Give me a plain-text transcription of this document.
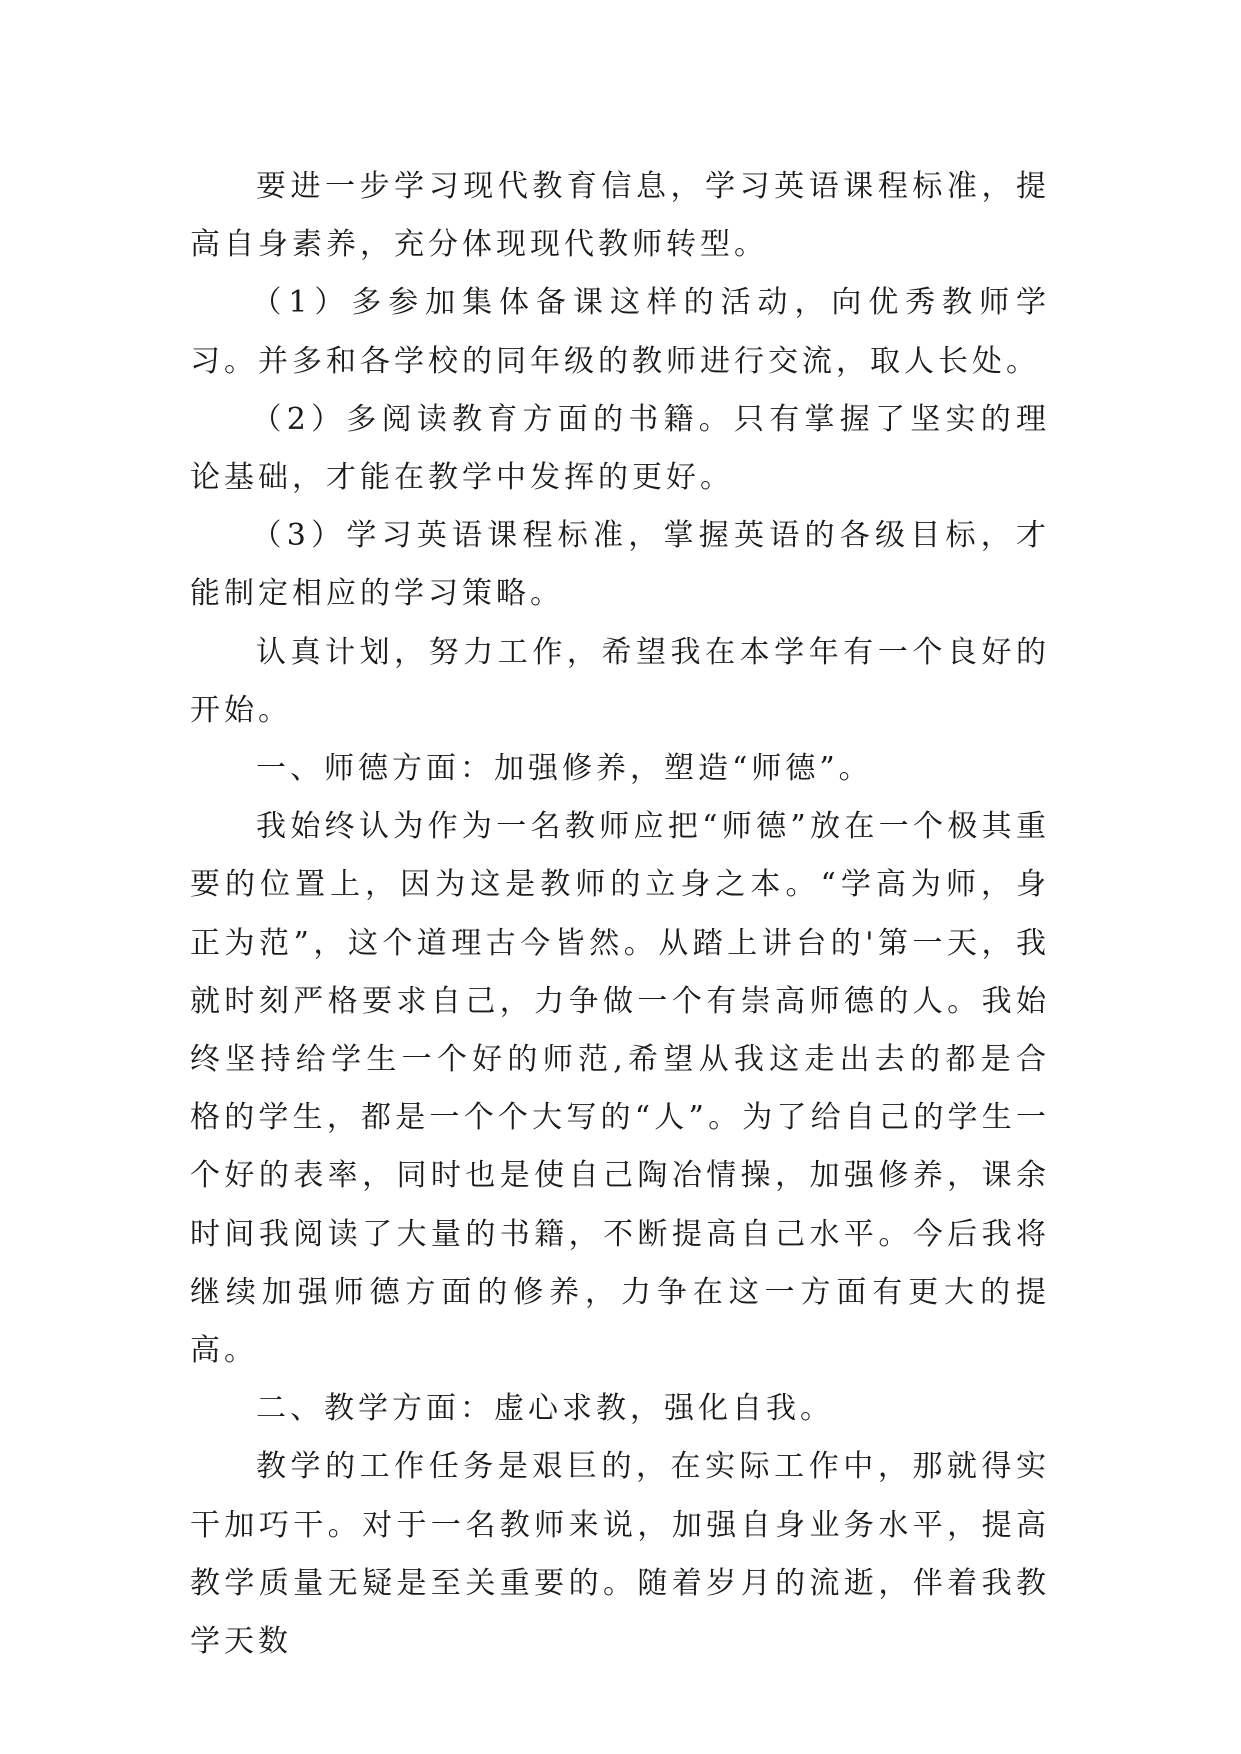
要进一步学习现代教育信息，学习英语课程标准，提高自身素养，充分体现现代教师转型。

（1）多参加集体备课这样的活动，向优秀教师学习。并多和各学校的同年级的教师进行交流，取人长处。

（2）多阅读教育方面的书籍。只有掌握了坚实的理论基础，才能在教学中发挥的更好。

（3）学习英语课程标准，掌握英语的各级目标，才能制定相应的学习策略。

认真计划，努力工作，希望我在本学年有一个良好的开始。

一、师德方面：加强修养，塑造“师德”。

我始终认为作为一名教师应把“师德”放在一个极其重要的位置上，因为这是教师的立身之本。“学高为师，身正为范”，这个道理古今皆然。从踏上讲台的'第一天，我就时刻严格要求自己，力争做一个有崇高师德的人。我始终坚持给学生一个好的师范,希望从我这走出去的都是合格的学生，都是一个个大写的“人”。为了给自己的学生一个好的表率，同时也是使自己陶冶情操，加强修养，课余时间我阅读了大量的书籍，不断提高自己水平。今后我将继续加强师德方面的修养，力争在这一方面有更大的提高。

二、教学方面：虚心求教，强化自我。

教学的工作任务是艰巨的，在实际工作中，那就得实干加巧干。对于一名教师来说，加强自身业务水平，提高教学质量无疑是至关重要的。随着岁月的流逝，伴着我教学天数
